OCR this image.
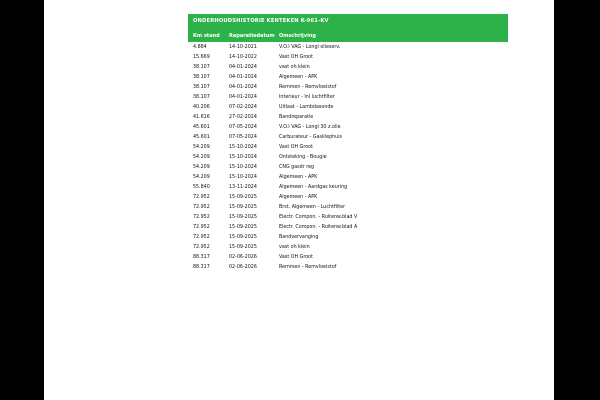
ONDERHOUDSHISTORIE KENTEKEN K-961-KV
Km stand	Reparatiedatum	Omschrijving
4.884	14-10-2021	V.O.I VAG - Longl olieserv.
15.669	14-10-2022	Vast OH Groot
38.107	04-01-2024	vast oh klein
38.107	04-01-2024	Algemeen - APK
38.107	04-01-2024	Remmen - Remvloeistof
38.107	04-01-2024	Interieur - Inl luchtfilter
40.206	07-02-2024	Uitlaat - Lambdasonde
41.616	27-02-2024	Bandreparatie
45.601	07-05-2024	V.O.I VAG - Longl 30 z.olie
45.601	07-05-2024	Carburateur - Gasklephuis
54.209	15-10-2024	Vast OH Groot
54.209	15-10-2024	Ontsteking - Bougie
54.209	15-10-2024	CNG gasdr reg
54.209	15-10-2024	Algemeen - APK
55.840	13-11-2024	Algemeen - Aardgas keuring
72.952	15-09-2025	Algemeen - APK
72.952	15-09-2025	Brst. Algemeen - Luchtfilter
72.952	15-09-2025	Electr. Compon. - Ruitenw.blad V
72.952	15-09-2025	Electr. Compon. - Ruitenw.blad A
72.952	15-09-2025	Bandvervanging
72.952	15-09-2025	vast oh klein
88.317	02-06-2026	Vast OH Groot
88.317	02-06-2026	Remmen - Remvloeistof
